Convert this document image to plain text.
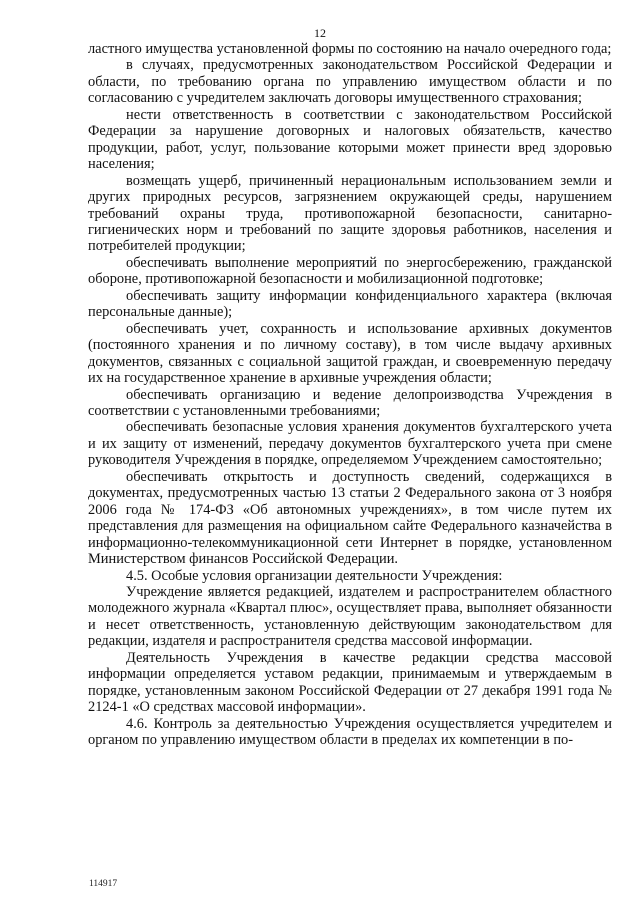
12

ластного имущества установленной формы по состоянию на начало очередного года;

в случаях, предусмотренных законодательством Российской Федерации и области, по требованию органа по управлению имуществом области и по согласованию с учредителем заключать договоры имущественного страхования;

нести ответственность в соответствии с законодательством Российской Федерации за нарушение договорных и налоговых обязательств, качество продукции, работ, услуг, пользование которыми может принести вред здоровью населения;

возмещать ущерб, причиненный нерациональным использованием земли и других природных ресурсов, загрязнением окружающей среды, нарушением требований охраны труда, противопожарной безопасности, санитарно-гигиенических норм и требований по защите здоровья работников, населения и потребителей продукции;

обеспечивать выполнение мероприятий по энергосбережению, гражданской обороне, противопожарной безопасности и мобилизационной подготовке;

обеспечивать защиту информации конфиденциального характера (включая персональные данные);

обеспечивать учет, сохранность и использование архивных документов (постоянного хранения и по личному составу), в том числе выдачу архивных документов, связанных с социальной защитой граждан, и своевременную передачу их на государственное хранение в архивные учреждения области;

обеспечивать организацию и ведение делопроизводства Учреждения в соответствии с установленными требованиями;

обеспечивать безопасные условия хранения документов бухгалтерского учета и их защиту от изменений, передачу документов бухгалтерского учета при смене руководителя Учреждения в порядке, определяемом Учреждением самостоятельно;

обеспечивать открытость и доступность сведений, содержащихся в документах, предусмотренных частью 13 статьи 2 Федерального закона от 3 ноября 2006 года № 174-ФЗ «Об автономных учреждениях», в том числе путем их представления для размещения на официальном сайте Федерального казначейства в информационно-телекоммуникационной сети Интернет в порядке, установленном Министерством финансов Российской Федерации.

4.5. Особые условия организации деятельности Учреждения:

Учреждение является редакцией, издателем и распространителем областного молодежного журнала «Квартал плюс», осуществляет права, выполняет обязанности и несет ответственность, установленную действующим законодательством для редакции, издателя и распространителя средства массовой информации.

Деятельность Учреждения в качестве редакции средства массовой информации определяется уставом редакции, принимаемым и утверждаемым в порядке, установленным законом Российской Федерации от 27 декабря 1991 года № 2124-1 «О средствах массовой информации».

4.6. Контроль за деятельностью Учреждения осуществляется учредителем и органом по управлению имуществом области в пределах их компетенции в по-

114917
